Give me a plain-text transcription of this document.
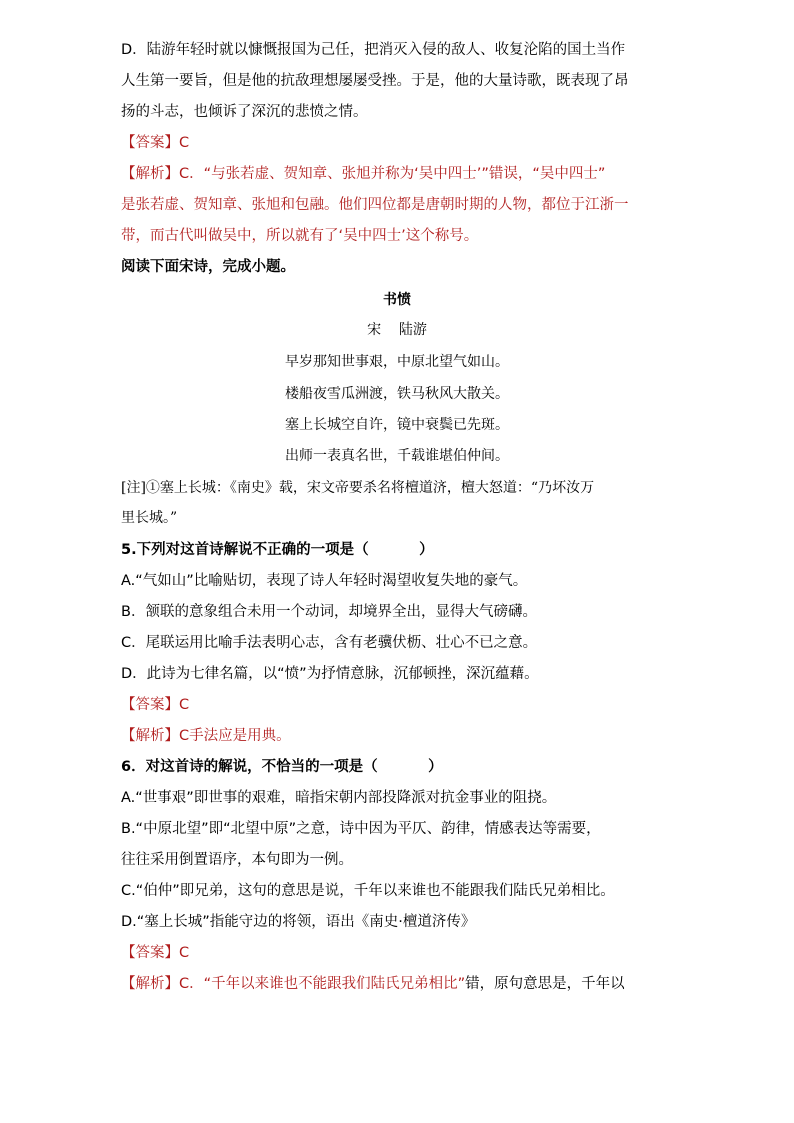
D．陆游年轻时就以慷慨报国为己任，把消灭入侵的敌人、收复沦陷的国土当作
人生第一要旨，但是他的抗敌理想屡屡受挫。于是，他的大量诗歌，既表现了昂
扬的斗志，也倾诉了深沉的悲愤之情。
【答案】C
【解析】C．“与张若虚、贺知章、张旭并称为‘吴中四士’”错误，“吴中四士”
是张若虚、贺知章、张旭和包融。他们四位都是唐朝时期的人物，都位于江浙一
带，而古代叫做吴中，所以就有了‘吴中四士’这个称号。
阅读下面宋诗，完成小题。
书愤
宋    陆游
早岁那知世事艰，中原北望气如山。
楼船夜雪瓜洲渡，铁马秋风大散关。
塞上长城空自许，镜中衰鬓已先斑。
出师一表真名世，千载谁堪伯仲间。
[注]①塞上长城：《南史》载，宋文帝要杀名将檀道济，檀大怒道：“乃坏汝万
里长城。”
5.下列对这首诗解说不正确的一项是（          ）
A.“气如山”比喻贴切，表现了诗人年轻时渴望收复失地的豪气。
B．颔联的意象组合未用一个动词，却境界全出，显得大气磅礴。
C．尾联运用比喻手法表明心志，含有老骥伏枥、壮心不已之意。
D．此诗为七律名篇，以“愤”为抒情意脉，沉郁顿挫，深沉蕴藉。
【答案】C
【解析】C手法应是用典。
6．对这首诗的解说，不恰当的一项是（          ）
A.“世事艰”即世事的艰难，暗指宋朝内部投降派对抗金事业的阻挠。
B.“中原北望”即“北望中原”之意，诗中因为平仄、韵律，情感表达等需要，
往往采用倒置语序，本句即为一例。
C.“伯仲”即兄弟，这句的意思是说，千年以来谁也不能跟我们陆氏兄弟相比。
D.“塞上长城”指能守边的将领，语出《南史·檀道济传》
【答案】C
【解析】C．“千年以来谁也不能跟我们陆氏兄弟相比”错，原句意思是，千年以
